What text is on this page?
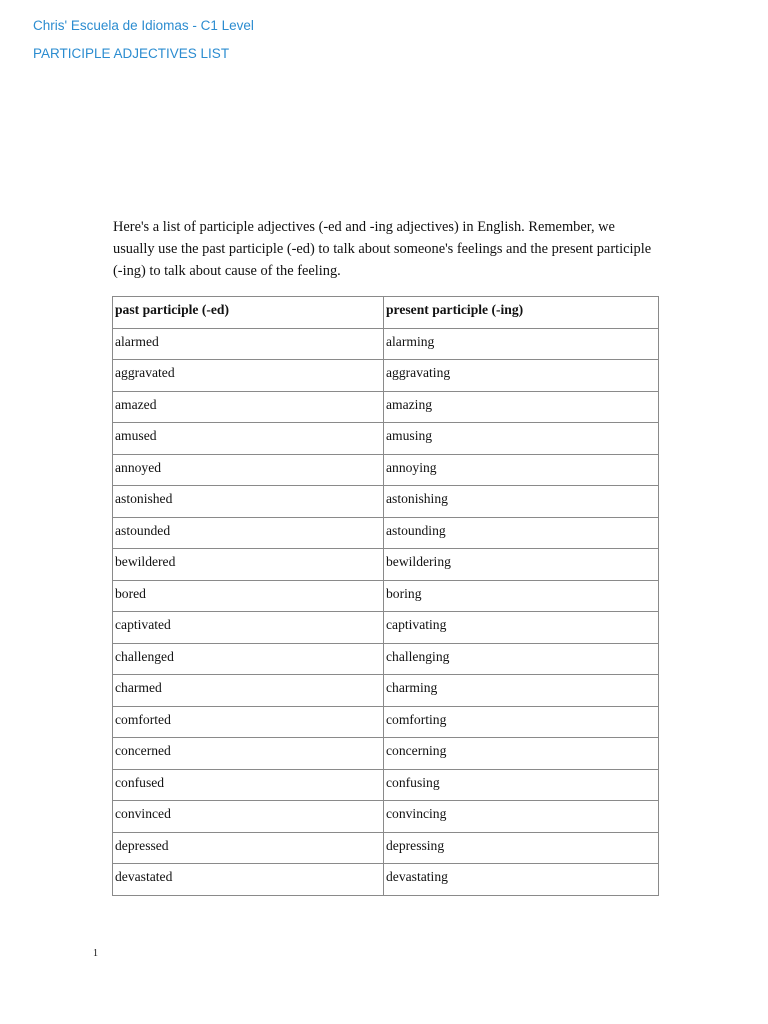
Chris' Escuela de Idiomas - C1 Level
PARTICIPLE ADJECTIVES LIST

Here's a list of participle adjectives (-ed and -ing adjectives) in English. Remember, we usually use the past participle (-ed) to talk about someone's feelings and the present participle (-ing) to talk about cause of the feeling.

past participle (-ed)	present participle (-ing)
alarmed	alarming
aggravated	aggravating
amazed	amazing
amused	amusing
annoyed	annoying
astonished	astonishing
astounded	astounding
bewildered	bewildering
bored	boring
captivated	captivating
challenged	challenging
charmed	charming
comforted	comforting
concerned	concerning
confused	confusing
convinced	convincing
depressed	depressing
devastated	devastating
1
